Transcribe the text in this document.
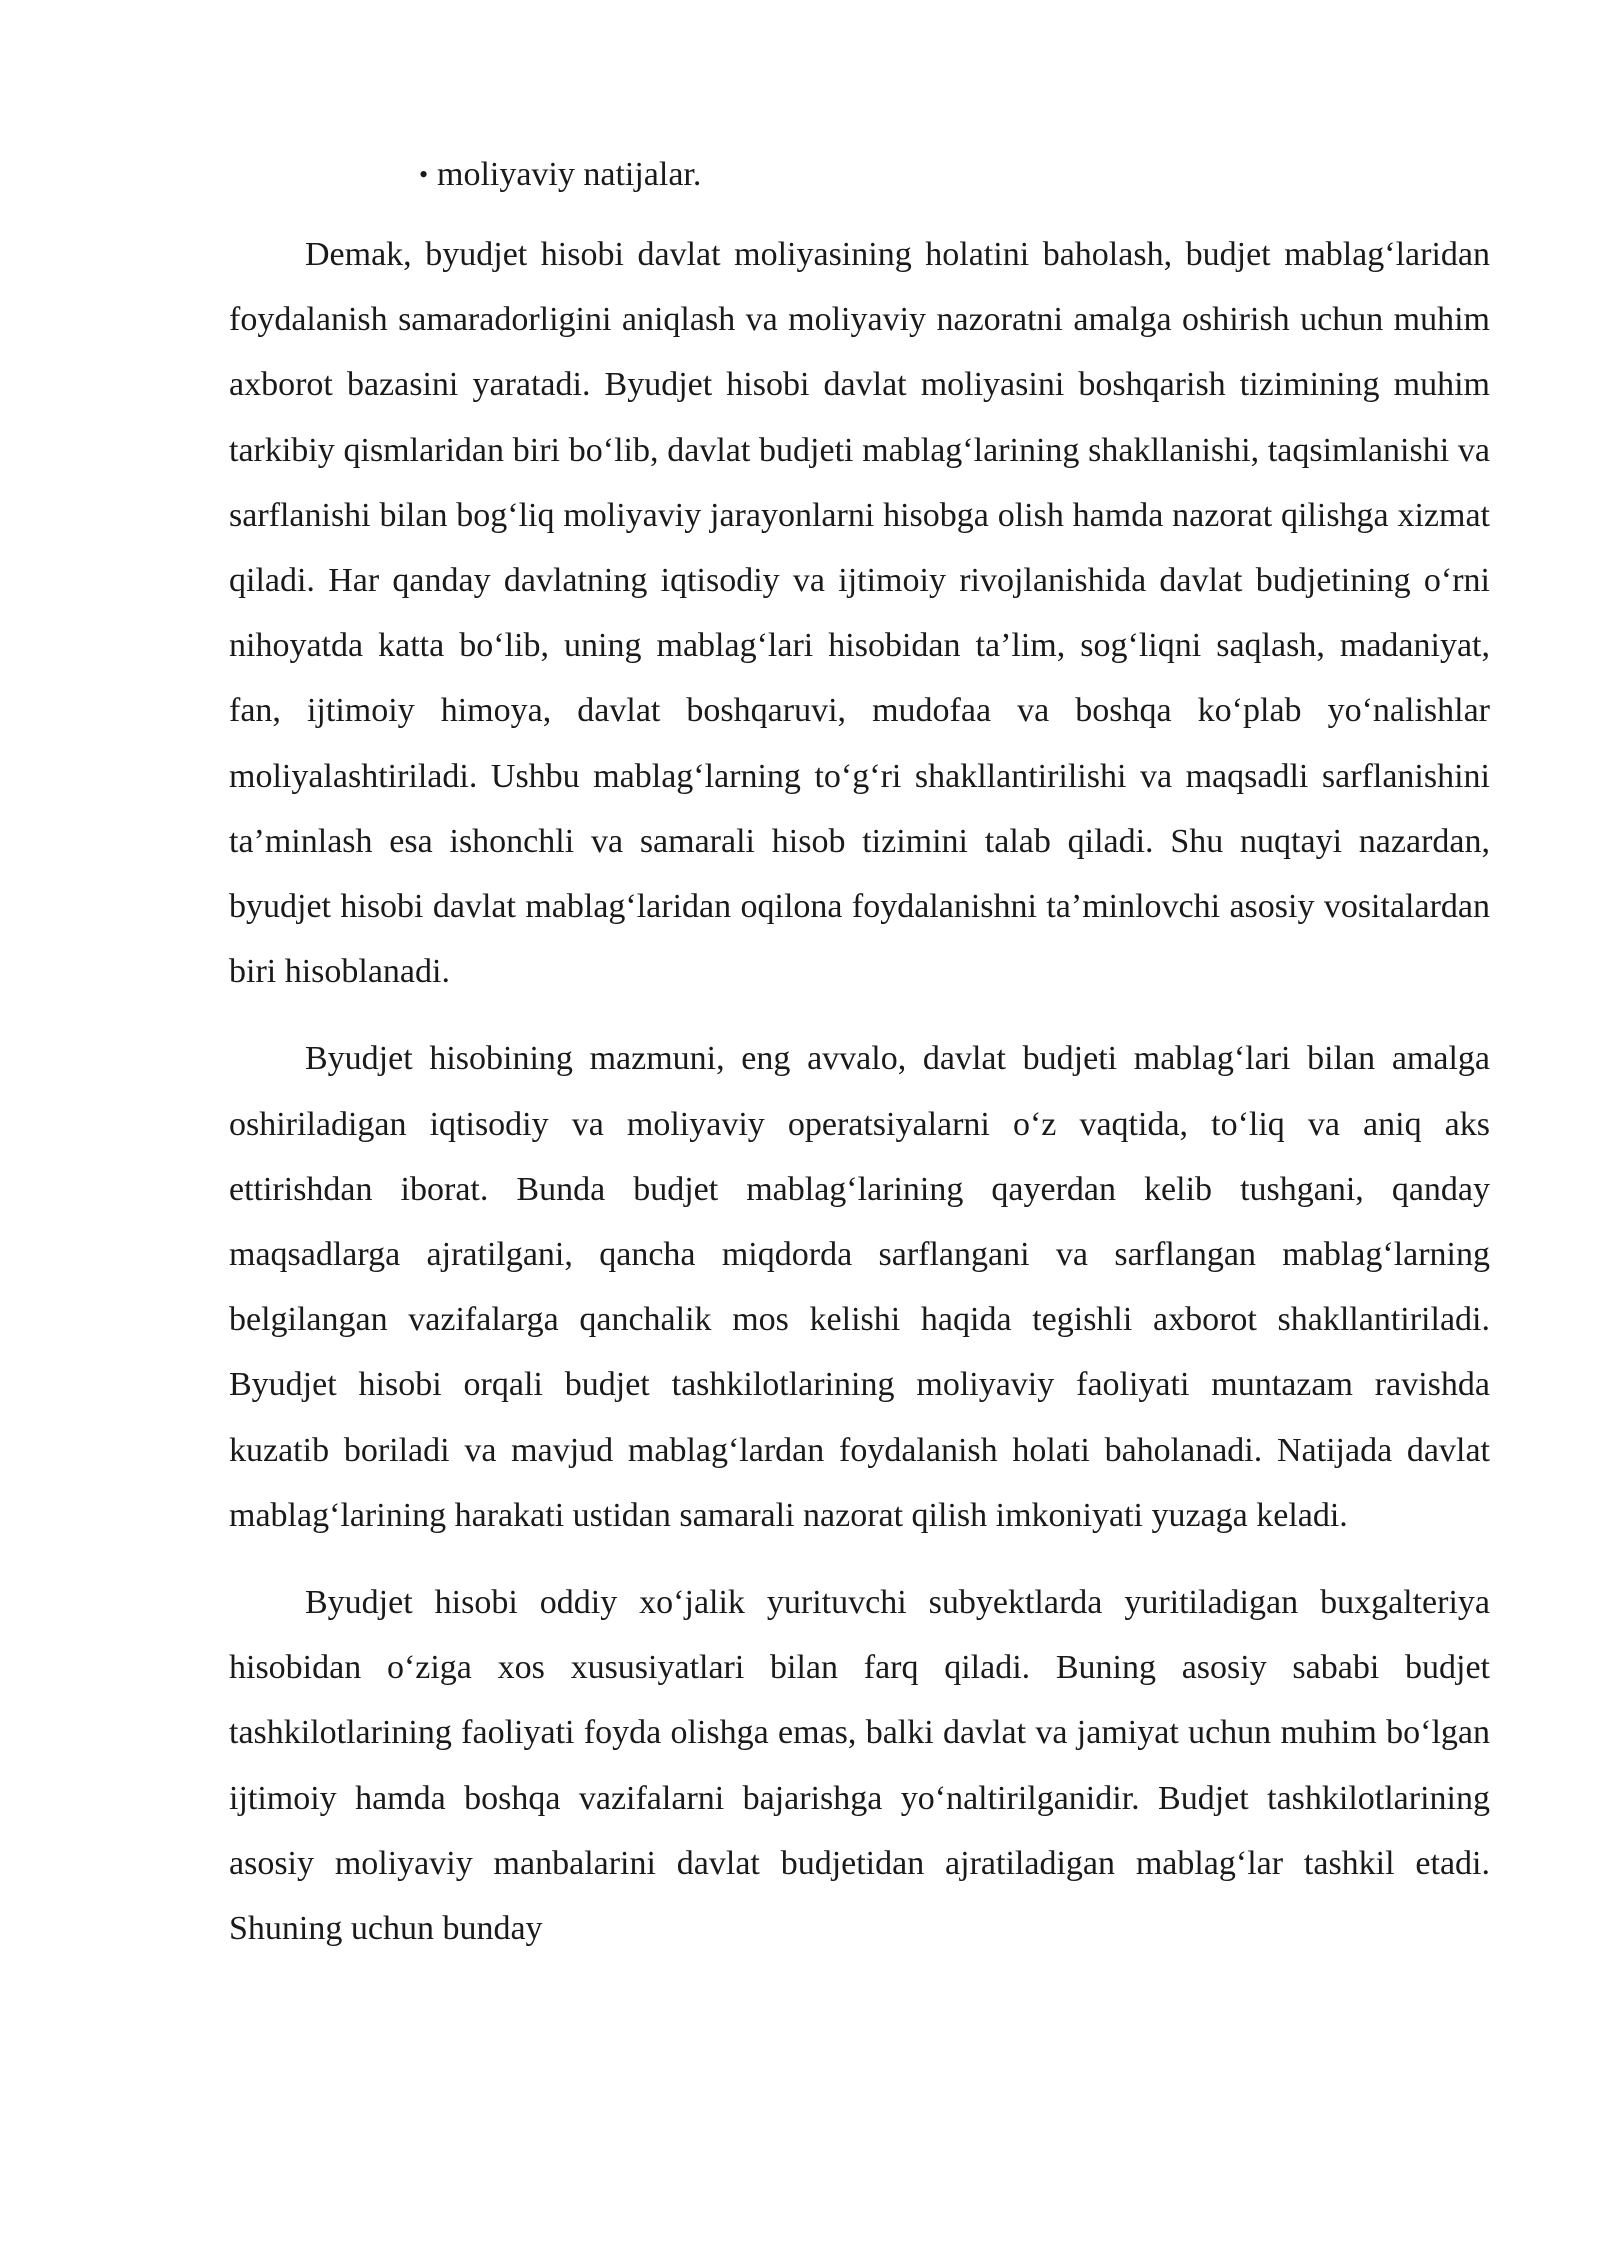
• moliyaviy natijalar.

Demak, byudjet hisobi davlat moliyasining holatini baholash, budjet mablag‘laridan foydalanish samaradorligini aniqlash va moliyaviy nazoratni amalga oshirish uchun muhim axborot bazasini yaratadi. Byudjet hisobi davlat moliyasini boshqarish tizimining muhim tarkibiy qismlaridan biri bo‘lib, davlat budjeti mablag‘larining shakllanishi, taqsimlanishi va sarflanishi bilan bog‘liq moliyaviy jarayonlarni hisobga olish hamda nazorat qilishga xizmat qiladi. Har qanday davlatning iqtisodiy va ijtimoiy rivojlanishida davlat budjetining o‘rni nihoyatda katta bo‘lib, uning mablag‘lari hisobidan ta’lim, sog‘liqni saqlash, madaniyat, fan, ijtimoiy himoya, davlat boshqaruvi, mudofaa va boshqa ko‘plab yo‘nalishlar moliyalashtiriladi. Ushbu mablag‘larning to‘g‘ri shakllantirilishi va maqsadli sarflanishini ta’minlash esa ishonchli va samarali hisob tizimini talab qiladi. Shu nuqtayi nazardan, byudjet hisobi davlat mablag‘laridan oqilona foydalanishni ta’minlovchi asosiy vositalardan biri hisoblanadi.

Byudjet hisobining mazmuni, eng avvalo, davlat budjeti mablag‘lari bilan amalga oshiriladigan iqtisodiy va moliyaviy operatsiyalarni o‘z vaqtida, to‘liq va aniq aks ettirishdan iborat. Bunda budjet mablag‘larining qayerdan kelib tushgani, qanday maqsadlarga ajratilgani, qancha miqdorda sarflangani va sarflangan mablag‘larning belgilangan vazifalarga qanchalik mos kelishi haqida tegishli axborot shakllantiriladi. Byudjet hisobi orqali budjet tashkilotlarining moliyaviy faoliyati muntazam ravishda kuzatib boriladi va mavjud mablag‘lardan foydalanish holati baholanadi. Natijada davlat mablag‘larining harakati ustidan samarali nazorat qilish imkoniyati yuzaga keladi.

Byudjet hisobi oddiy xo‘jalik yurituvchi subyektlarda yuritiladigan buxgalteriya hisobidan o‘ziga xos xususiyatlari bilan farq qiladi. Buning asosiy sababi budjet tashkilotlarining faoliyati foyda olishga emas, balki davlat va jamiyat uchun muhim bo‘lgan ijtimoiy hamda boshqa vazifalarni bajarishga yo‘naltirilganidir. Budjet tashkilotlarining asosiy moliyaviy manbalarini davlat budjetidan ajratiladigan mablag‘lar tashkil etadi. Shuning uchun bunday
